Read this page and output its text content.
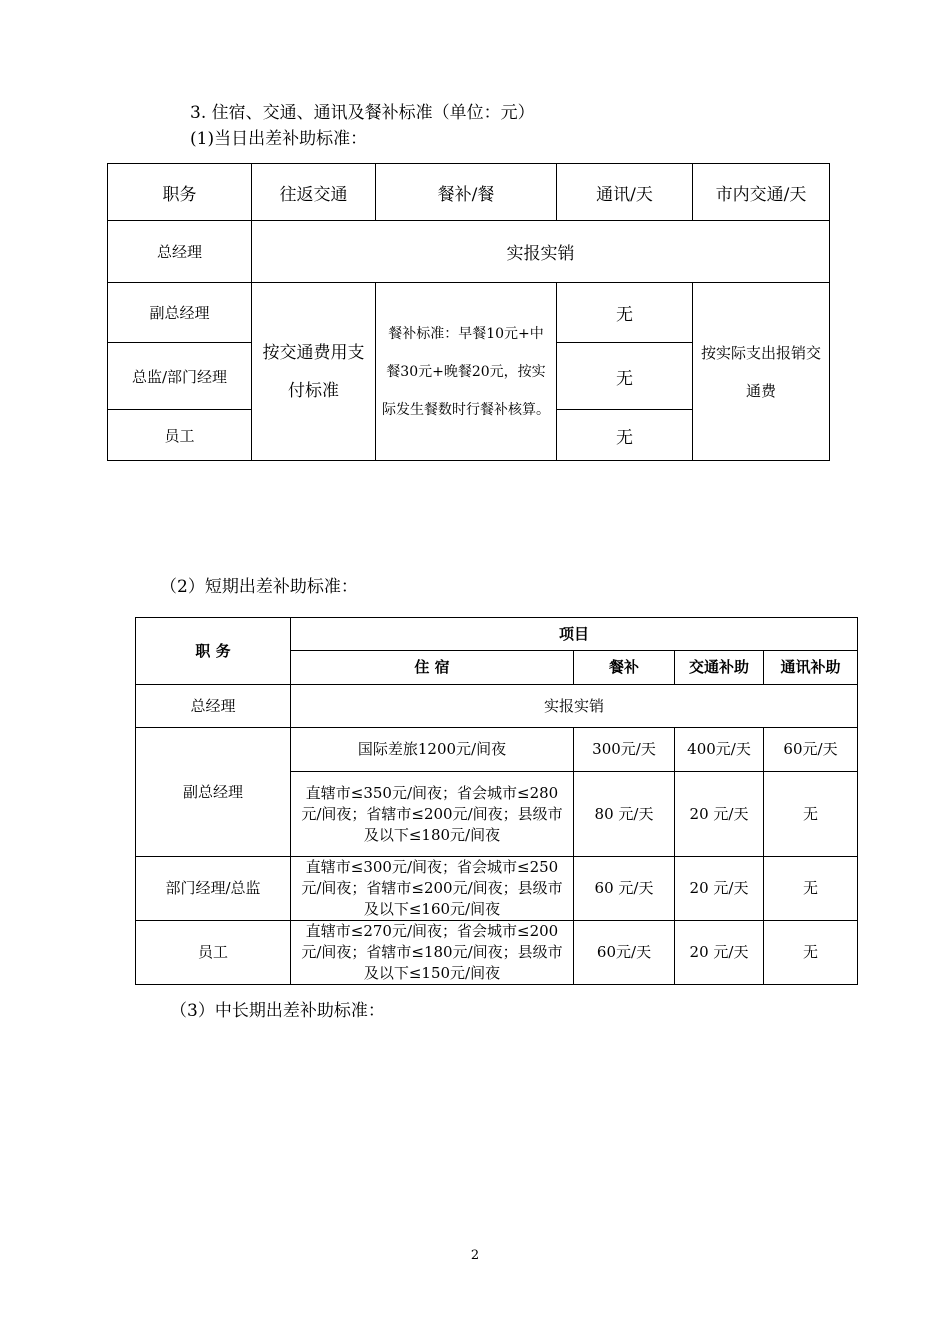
3. 住宿、交通、通讯及餐补标准（单位：元）
(1)当日出差补助标准：
职务	往返交通	餐补/餐	通讯/天	市内交通/天
总经理	实报实销			
副总经理	按交通费用支付标准	餐补标准：早餐10元+中餐30元+晚餐20元，按实际发生餐数时行餐补核算。	无	按实际支出报销交通费
总监/部门经理			无	
员工			无	
（2）短期出差补助标准：
职 务	项目			
	住 宿	餐补	交通补助	通讯补助
总经理	实报实销			
副总经理	国际差旅1200元/间夜	300元/天	400元/天	60元/天
	直辖市≤350元/间夜；省会城市≤280元/间夜；省辖市≤200元/间夜；县级市及以下≤180元/间夜	80 元/天	20 元/天	无
部门经理/总监	直辖市≤300元/间夜；省会城市≤250元/间夜；省辖市≤200元/间夜；县级市及以下≤160元/间夜	60 元/天	20 元/天	无
员工	直辖市≤270元/间夜；省会城市≤200元/间夜；省辖市≤180元/间夜；县级市及以下≤150元/间夜	60元/天	20 元/天	无
（3）中长期出差补助标准：
2
